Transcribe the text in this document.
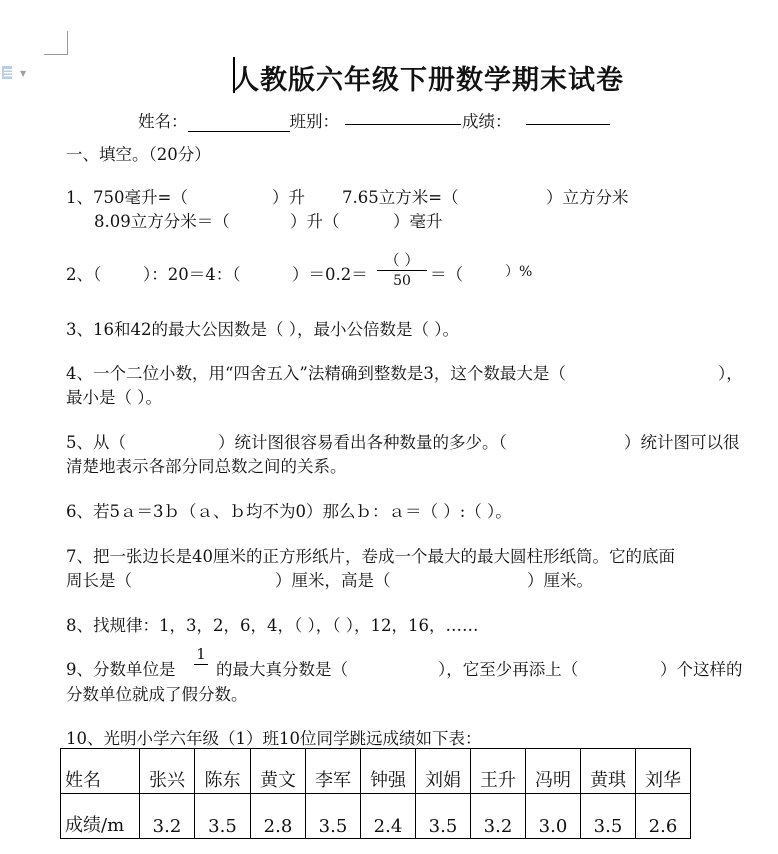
▼	人教版六年级下册数学期末试卷
姓名：	班别：	成绩：
一、填空。（20分）
1、750毫升=（	）升 7.65立方米=（	）立方分米
8.09立方分米＝（	）升（	）毫升
2、（	）：20＝4：（	）＝0.2＝
（ ）
50	＝（	）%
3、16和42的最大公因数是（ ），最小公倍数是（ ）。
4、一个二位小数，用“四舍五入”法精确到整数是3，这个数最大是（	），
最小是（ ）。
5、从（	）统计图很容易看出各种数量的多少。（	）统计图可以很
清楚地表示各部分同总数之间的关系。
6、若5ａ＝3ｂ（ａ、ｂ均不为0）那么ｂ：ａ＝（ ）:（ ）。
7、把一张边长是40厘米的正方形纸片，卷成一个最大的最大圆柱形纸筒。它的底面
周长是（	）厘米，高是（	）厘米。
8、找规律：1，3，2，6，4，（ ），（ ），12，16，……
9、分数单位是
1
的最大真分数是（	），它至少再添上（	）个这样的
分数单位就成了假分数。
10、光明小学六年级（1）班10位同学跳远成绩如下表：
姓名	张兴	陈东	黄文	李军	钟强	刘娟	王升	冯明	黄琪	刘华
成绩/m	3.2	3.5	2.8	3.5	2.4	3.5	3.2	3.0	3.5	2.6
